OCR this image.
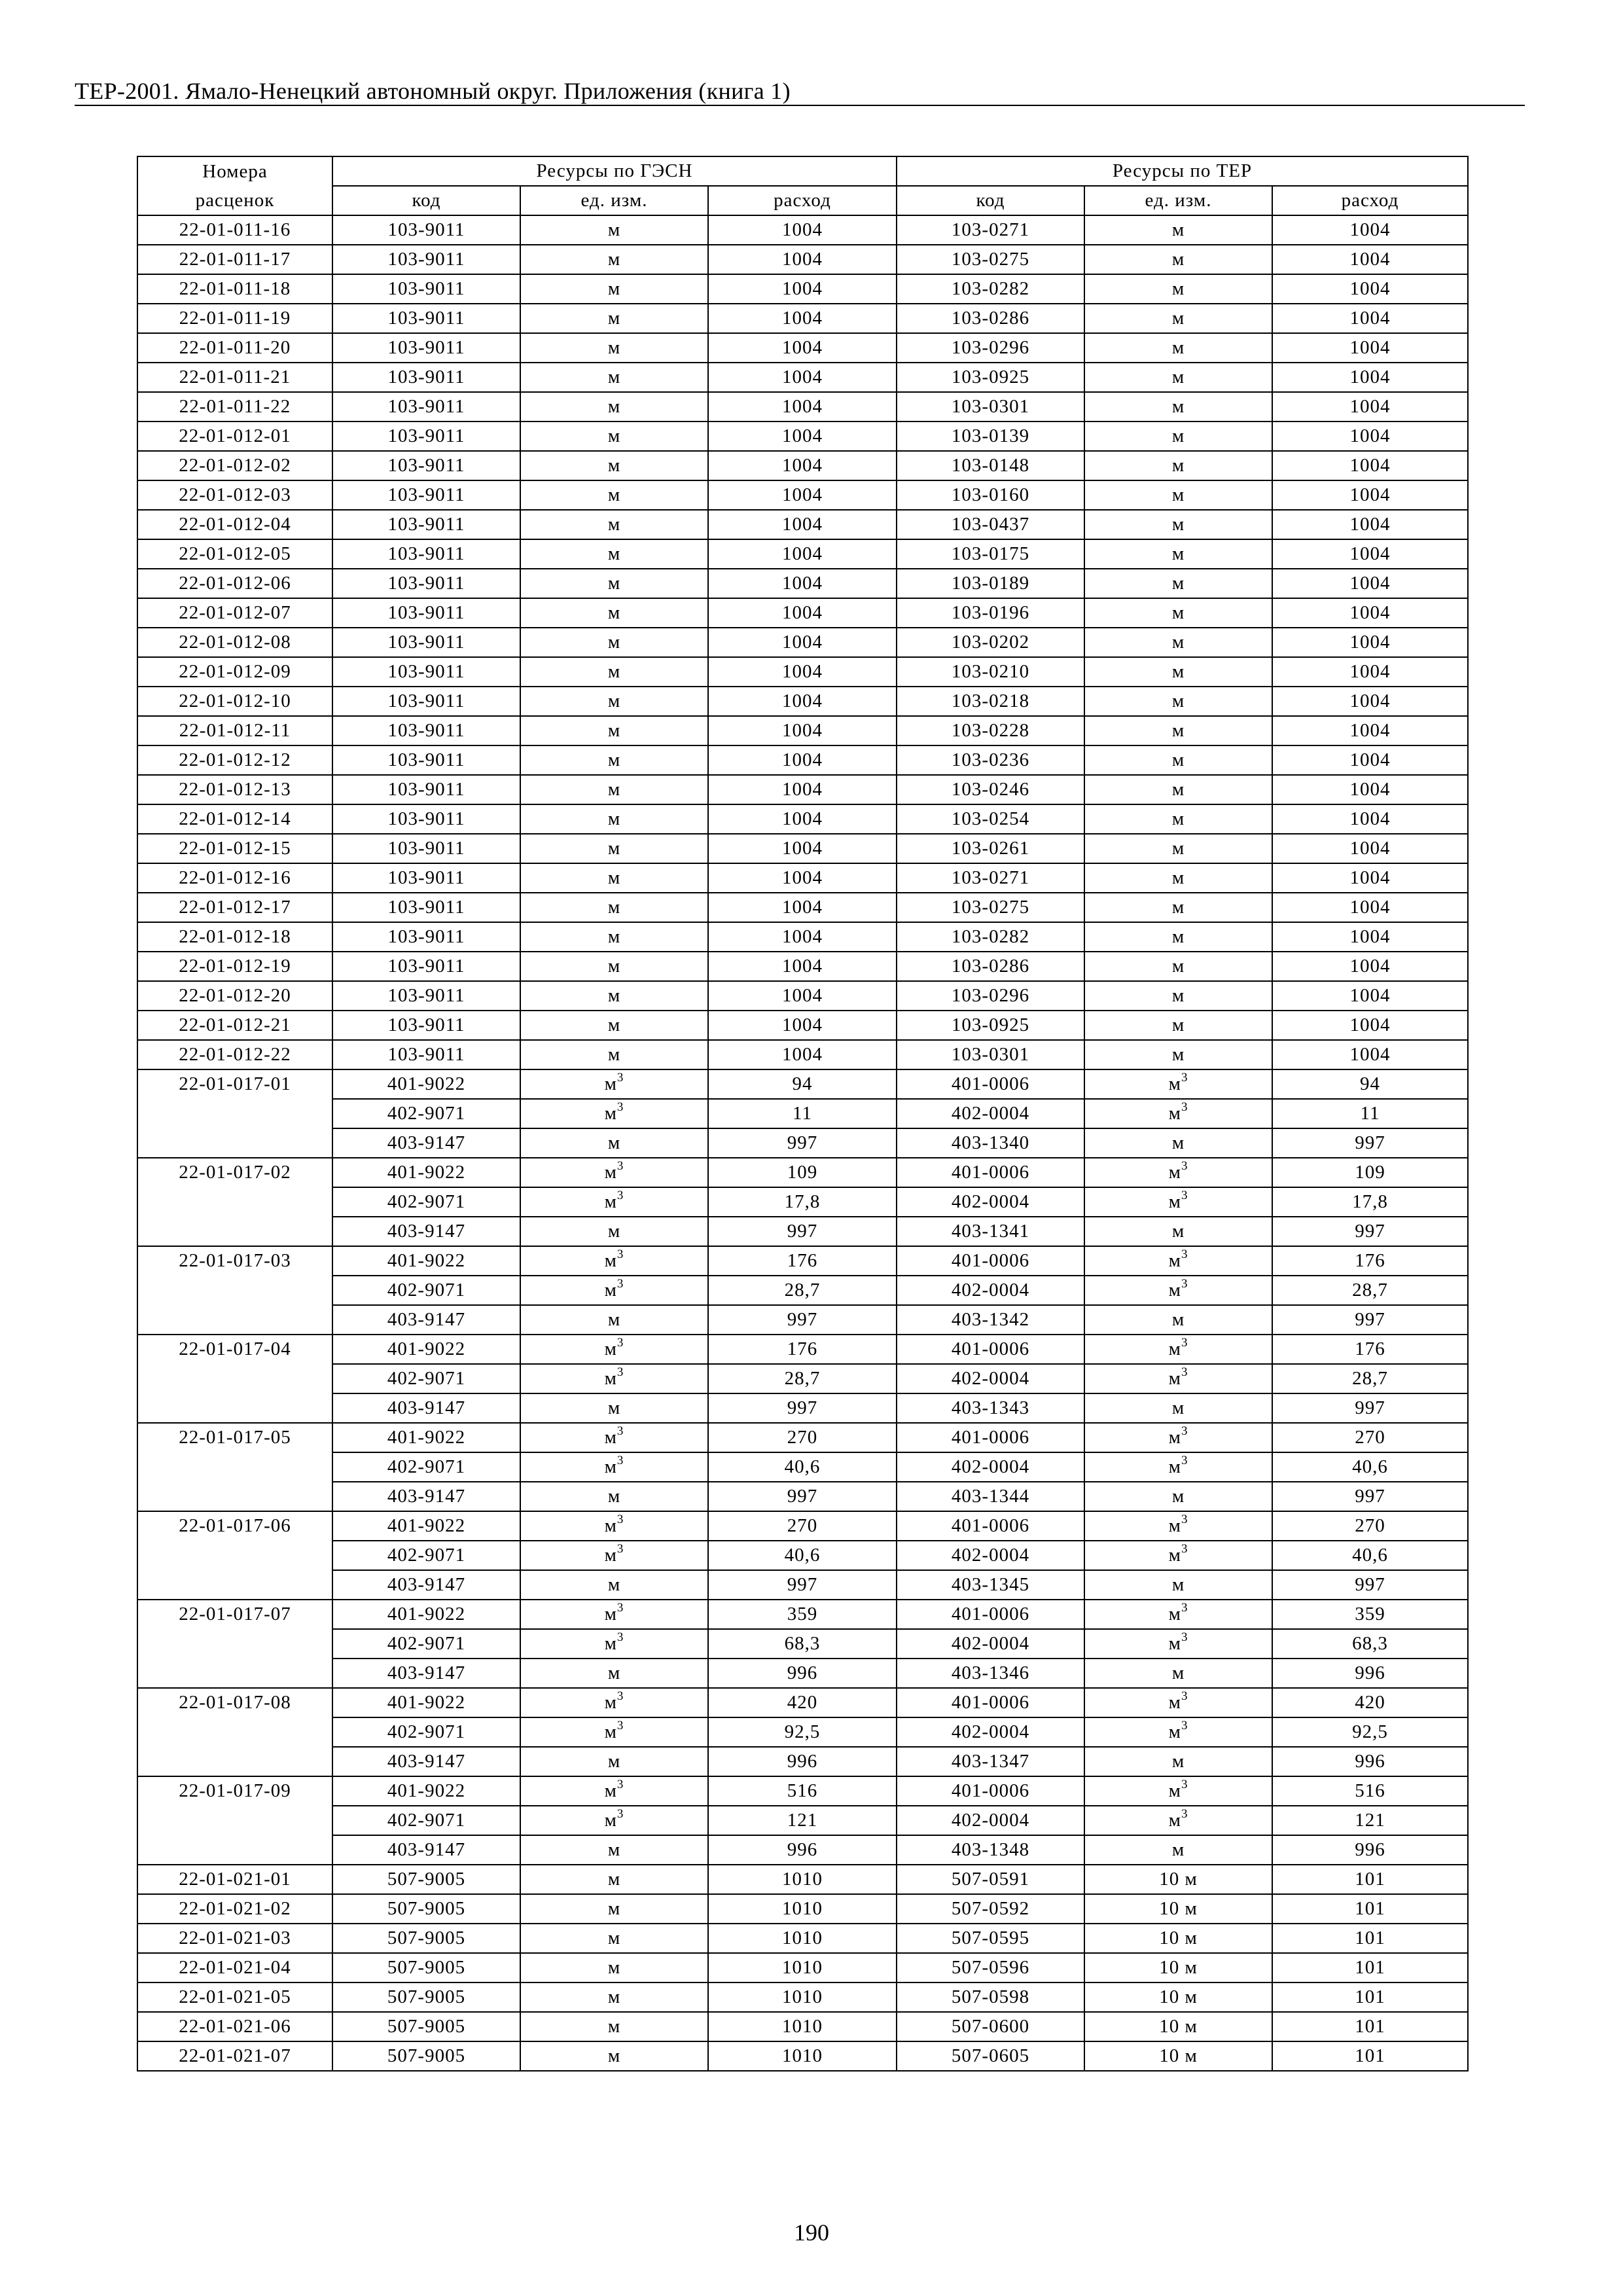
ТЕР-2001. Ямало-Ненецкий автономный округ. Приложения (книга 1)
Номера	Ресурсы по ГЭСН			Ресурсы по ТЕР		
расценок	код	ед. изм.	расход	код	ед. изм.	расход
22-01-011-16	103-9011	м	1004	103-0271	м	1004
22-01-011-17	103-9011	м	1004	103-0275	м	1004
22-01-011-18	103-9011	м	1004	103-0282	м	1004
22-01-011-19	103-9011	м	1004	103-0286	м	1004
22-01-011-20	103-9011	м	1004	103-0296	м	1004
22-01-011-21	103-9011	м	1004	103-0925	м	1004
22-01-011-22	103-9011	м	1004	103-0301	м	1004
22-01-012-01	103-9011	м	1004	103-0139	м	1004
22-01-012-02	103-9011	м	1004	103-0148	м	1004
22-01-012-03	103-9011	м	1004	103-0160	м	1004
22-01-012-04	103-9011	м	1004	103-0437	м	1004
22-01-012-05	103-9011	м	1004	103-0175	м	1004
22-01-012-06	103-9011	м	1004	103-0189	м	1004
22-01-012-07	103-9011	м	1004	103-0196	м	1004
22-01-012-08	103-9011	м	1004	103-0202	м	1004
22-01-012-09	103-9011	м	1004	103-0210	м	1004
22-01-012-10	103-9011	м	1004	103-0218	м	1004
22-01-012-11	103-9011	м	1004	103-0228	м	1004
22-01-012-12	103-9011	м	1004	103-0236	м	1004
22-01-012-13	103-9011	м	1004	103-0246	м	1004
22-01-012-14	103-9011	м	1004	103-0254	м	1004
22-01-012-15	103-9011	м	1004	103-0261	м	1004
22-01-012-16	103-9011	м	1004	103-0271	м	1004
22-01-012-17	103-9011	м	1004	103-0275	м	1004
22-01-012-18	103-9011	м	1004	103-0282	м	1004
22-01-012-19	103-9011	м	1004	103-0286	м	1004
22-01-012-20	103-9011	м	1004	103-0296	м	1004
22-01-012-21	103-9011	м	1004	103-0925	м	1004
22-01-012-22	103-9011	м	1004	103-0301	м	1004
22-01-017-01	401-9022	$м^3$	94	401-0006	$м^3$	94
	402-9071	$м^3$	11	402-0004	$м^3$	11
	403-9147	м	997	403-1340	м	997
22-01-017-02	401-9022	$м^3$	109	401-0006	$м^3$	109
	402-9071	$м^3$	17,8	402-0004	$м^3$	17,8
	403-9147	м	997	403-1341	м	997
22-01-017-03	401-9022	$м^3$	176	401-0006	$м^3$	176
	402-9071	$м^3$	28,7	402-0004	$м^3$	28,7
	403-9147	м	997	403-1342	м	997
22-01-017-04	401-9022	$м^3$	176	401-0006	$м^3$	176
	402-9071	$м^3$	28,7	402-0004	$м^3$	28,7
	403-9147	м	997	403-1343	м	997
22-01-017-05	401-9022	$м^3$	270	401-0006	$м^3$	270
	402-9071	$м^3$	40,6	402-0004	$м^3$	40,6
	403-9147	м	997	403-1344	м	997
22-01-017-06	401-9022	$м^3$	270	401-0006	$м^3$	270
	402-9071	$м^3$	40,6	402-0004	$м^3$	40,6
	403-9147	м	997	403-1345	м	997
22-01-017-07	401-9022	$м^3$	359	401-0006	$м^3$	359
	402-9071	$м^3$	68,3	402-0004	$м^3$	68,3
	403-9147	м	996	403-1346	м	996
22-01-017-08	401-9022	$м^3$	420	401-0006	$м^3$	420
	402-9071	$м^3$	92,5	402-0004	$м^3$	92,5
	403-9147	м	996	403-1347	м	996
22-01-017-09	401-9022	$м^3$	516	401-0006	$м^3$	516
	402-9071	$м^3$	121	402-0004	$м^3$	121
	403-9147	м	996	403-1348	м	996
22-01-021-01	507-9005	м	1010	507-0591	10 м	101
22-01-021-02	507-9005	м	1010	507-0592	10 м	101
22-01-021-03	507-9005	м	1010	507-0595	10 м	101
22-01-021-04	507-9005	м	1010	507-0596	10 м	101
22-01-021-05	507-9005	м	1010	507-0598	10 м	101
22-01-021-06	507-9005	м	1010	507-0600	10 м	101
22-01-021-07	507-9005	м	1010	507-0605	10 м	101
190
